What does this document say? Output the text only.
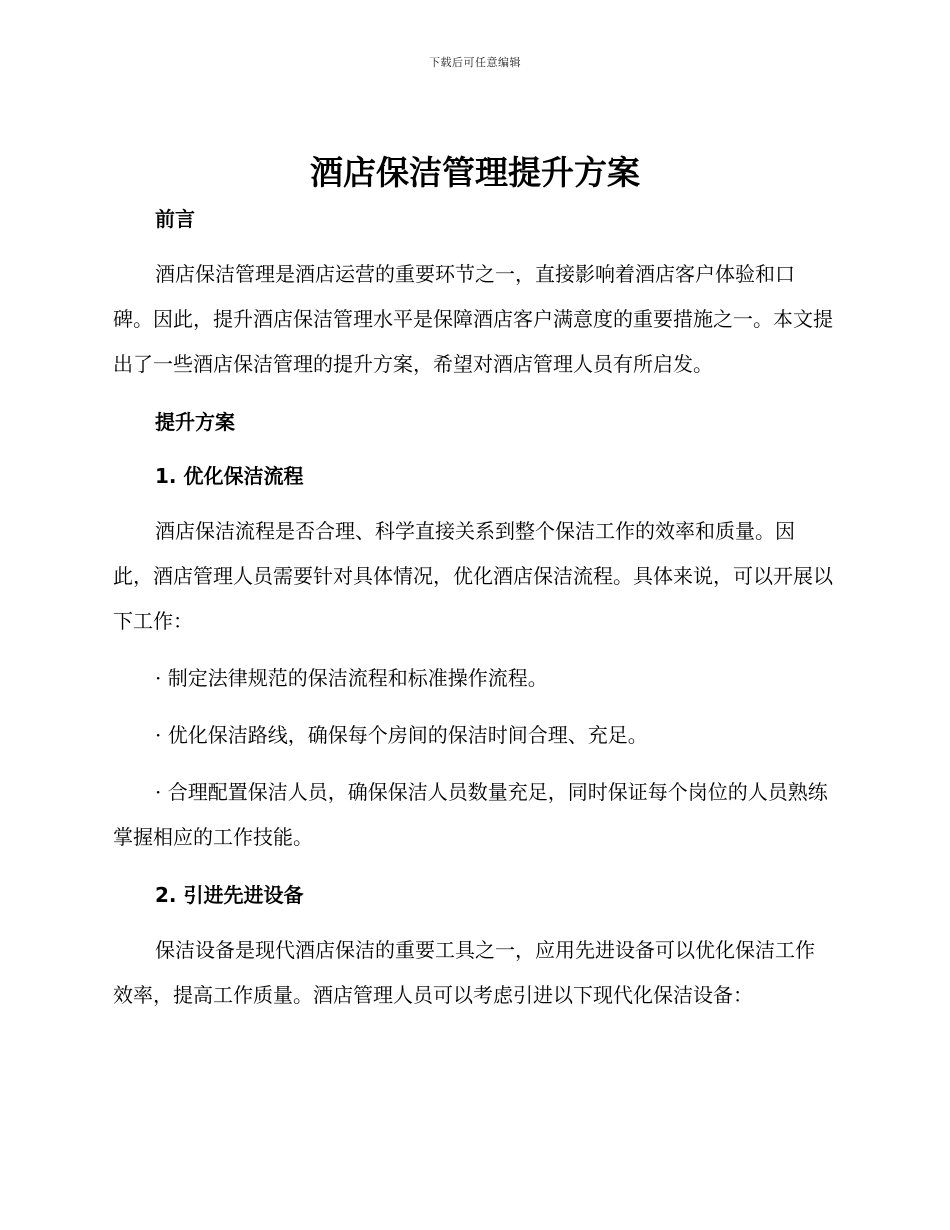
下载后可任意编辑
酒店保洁管理提升方案
前言

酒店保洁管理是酒店运营的重要环节之一，直接影响着酒店客户体验和口碑。因此，提升酒店保洁管理水平是保障酒店客户满意度的重要措施之一。本文提出了一些酒店保洁管理的提升方案，希望对酒店管理人员有所启发。

提升方案
1. 优化保洁流程

酒店保洁流程是否合理、科学直接关系到整个保洁工作的效率和质量。因此，酒店管理人员需要针对具体情况，优化酒店保洁流程。具体来说，可以开展以下工作：

· 制定法律规范的保洁流程和标准操作流程。

· 优化保洁路线，确保每个房间的保洁时间合理、充足。

· 合理配置保洁人员，确保保洁人员数量充足，同时保证每个岗位的人员熟练掌握相应的工作技能。

2. 引进先进设备

保洁设备是现代酒店保洁的重要工具之一，应用先进设备可以优化保洁工作效率，提高工作质量。酒店管理人员可以考虑引进以下现代化保洁设备：
